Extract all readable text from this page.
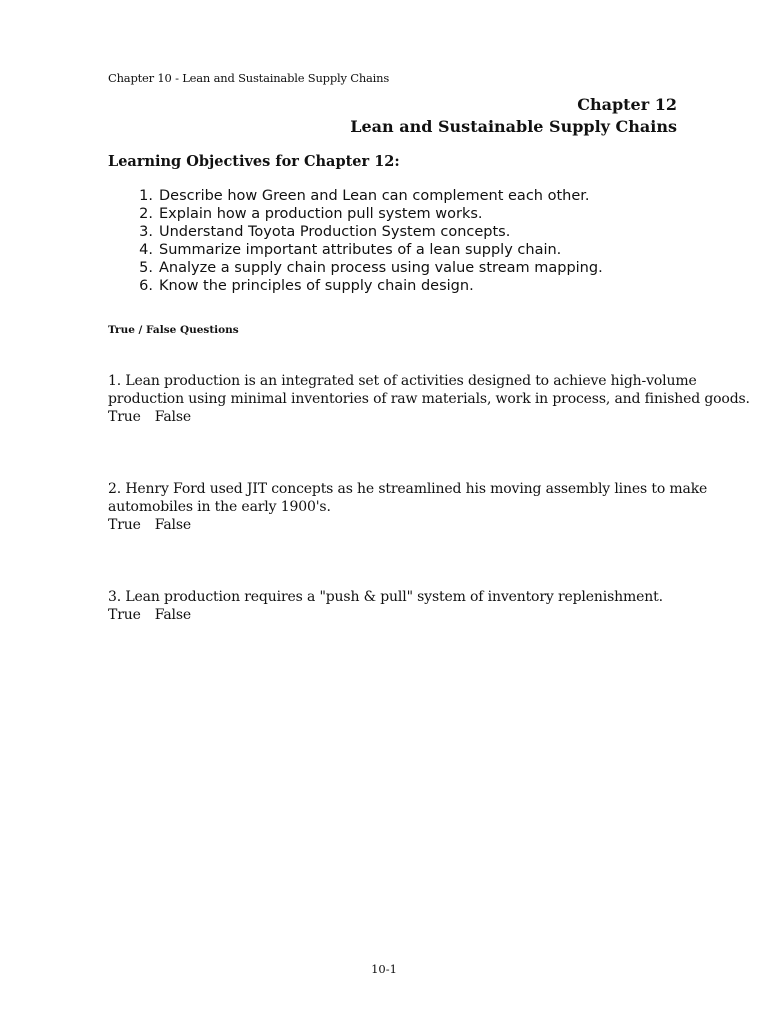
Chapter 10 - Lean and Sustainable Supply Chains
Chapter 12
Lean and Sustainable Supply Chains
Learning Objectives for Chapter 12:
1. Describe how Green and Lean can complement each other.
2. Explain how a production pull system works.
3. Understand Toyota Production System concepts.
4. Summarize important attributes of a lean supply chain.
5. Analyze a supply chain process using value stream mapping.
6. Know the principles of supply chain design.
True / False Questions

1. Lean production is an integrated set of activities designed to achieve high-volume

production using minimal inventories of raw materials, work in process, and finished goods.

True False

2. Henry Ford used JIT concepts as he streamlined his moving assembly lines to make

automobiles in the early 1900's.

True False

3. Lean production requires a "push & pull" system of inventory replenishment.

True False
10-1
